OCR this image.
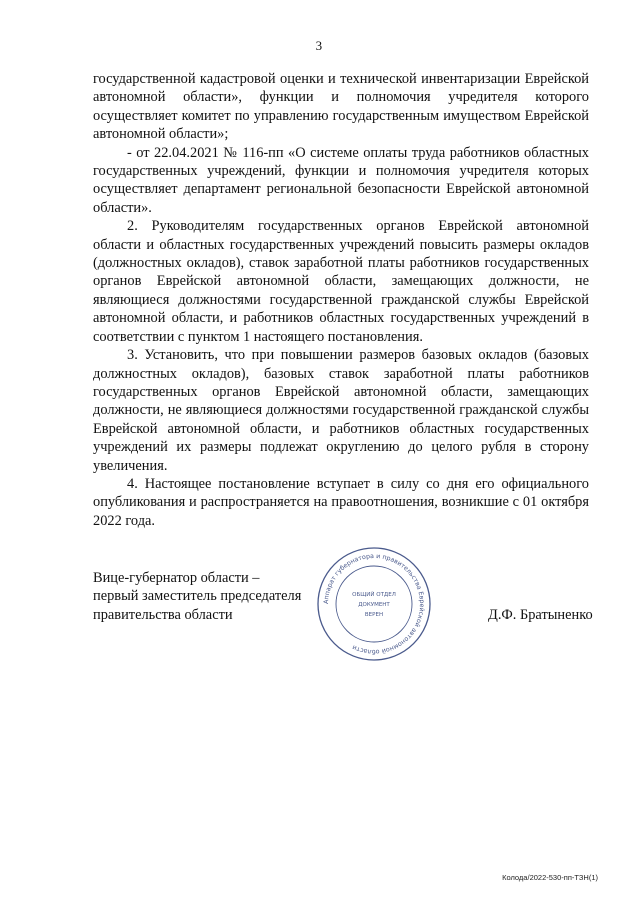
3

государственной кадастровой оценки и технической инвентаризации Еврейской автономной области», функции и полномочия учредителя которого осуществляет комитет по управлению государственным имуществом Еврейской автономной области»;

- от 22.04.2021 № 116-пп «О системе оплаты труда работников областных государственных учреждений, функции и полномочия учредителя которых осуществляет департамент региональной безопасности Еврейской автономной области».

2. Руководителям государственных органов Еврейской автономной области и областных государственных учреждений повысить размеры окладов (должностных окладов), ставок заработной платы работников государственных органов Еврейской автономной области, замещающих должности, не являющиеся должностями государственной гражданской службы Еврейской автономной области, и работников областных государственных учреждений в соответствии с пунктом 1 настоящего постановления.

3. Установить, что при повышении размеров базовых окладов (базовых должностных окладов), базовых ставок заработной платы работников государственных органов Еврейской автономной области, замещающих должности, не являющиеся должностями государственной гражданской службы Еврейской автономной области, и работников областных государственных учреждений их размеры подлежат округлению до целого рубля в сторону увеличения.

4. Настоящее постановление вступает в силу со дня его официального опубликования и распространяется на правоотношения, возникшие с 01 октября 2022 года.

Вице-губернатор области –
первый заместитель председателя
правительства области
Аппарат губернатора и правительства Еврейской автономной области
ОБЩИЙ ОТДЕЛ
ДОКУМЕНТ
ВЕРЕН	Д.Ф. Братыненко
Колода/2022-530-пп-ТЗН(1)
